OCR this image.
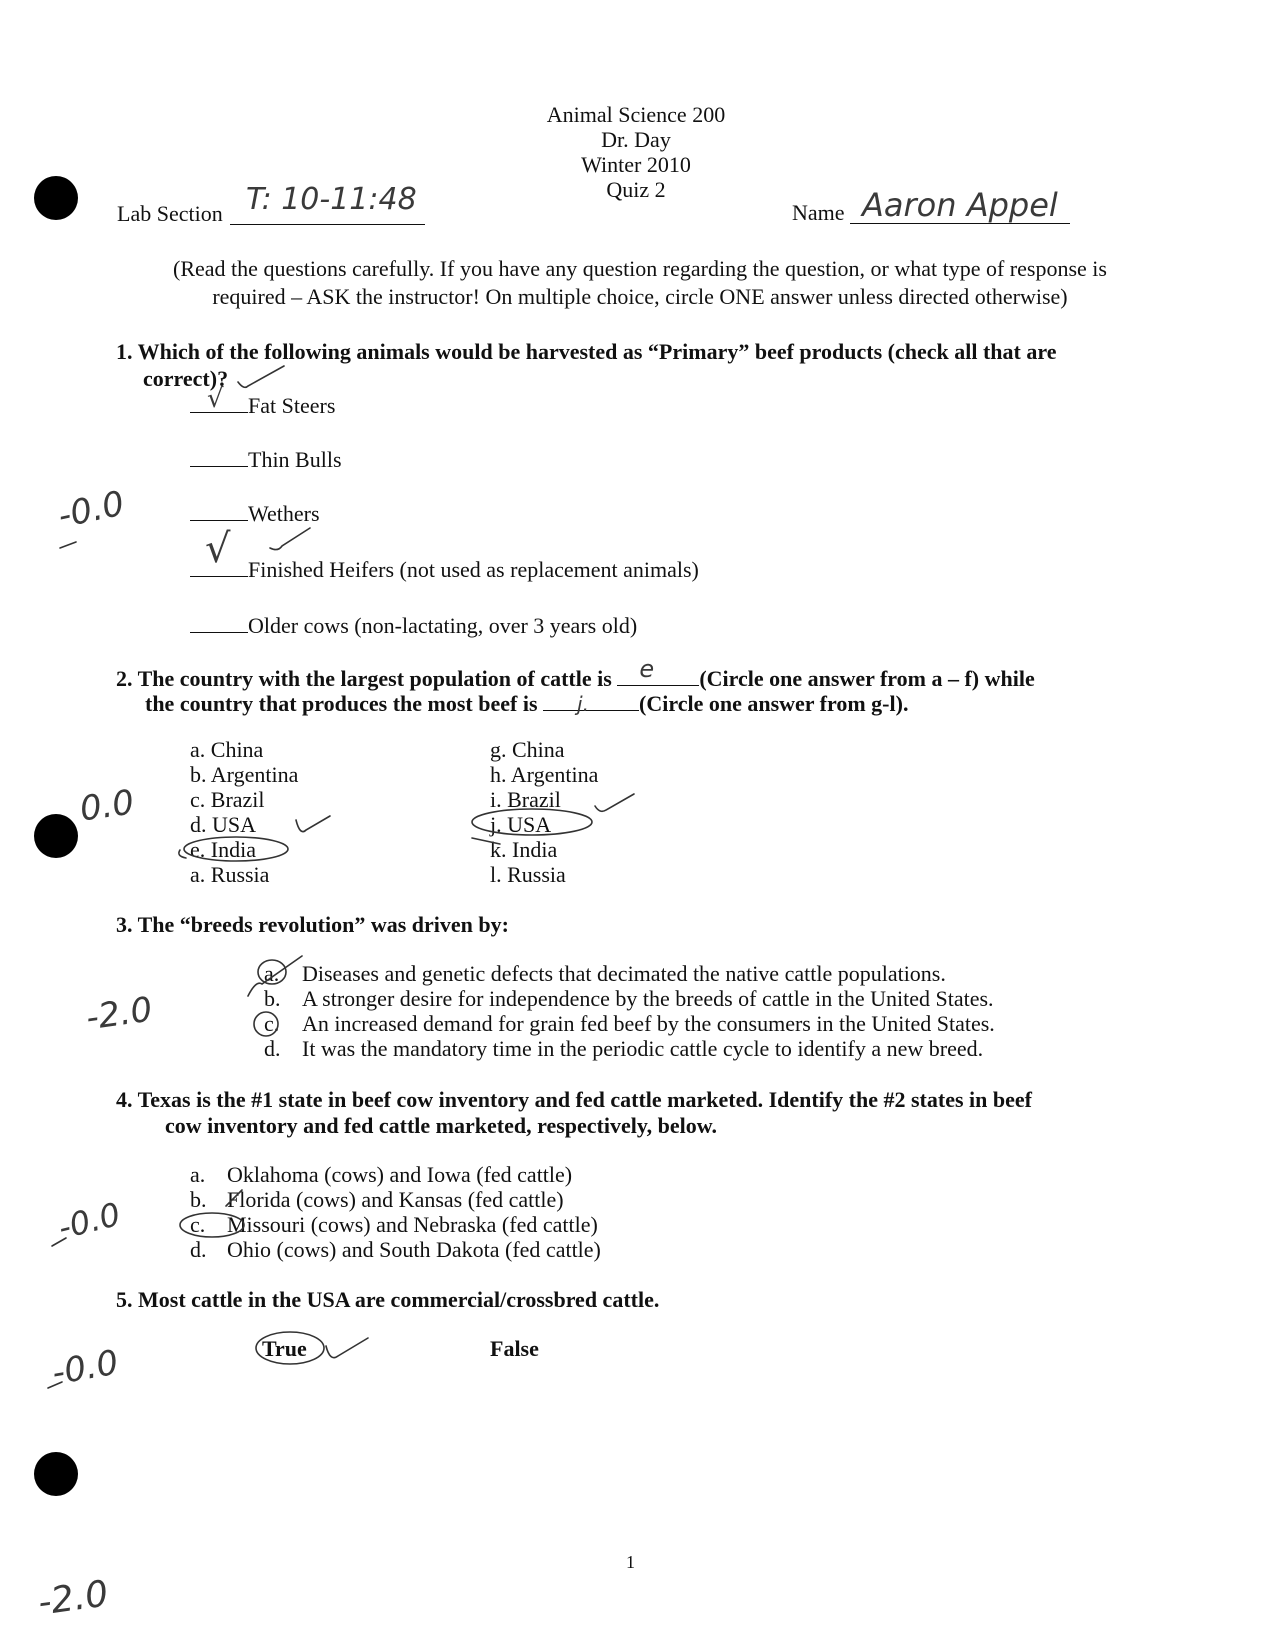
Animal Science 200
Dr. Day
Winter 2010
Quiz 2
Lab Section T: 10-11:48	Name Aaron Appel
(Read the questions carefully. If you have any question regarding the question, or what type of response is
required – ASK the instructor! On multiple choice, circle ONE answer unless directed otherwise)
1. Which of the following animals would be harvested as “Primary” beef products (check all that are
correct)?
Fat Steers
√
Thin Bulls
Wethers
Finished Heifers (not used as replacement animals)
√
Older cows (non-lactating, over 3 years old)
-0.0
2. The country with the largest population of cattle is e (Circle one answer from a – f) while
the country that produces the most beef is j. (Circle one answer from g-l).
a. China
b. Argentina
c. Brazil
d. USA
e. India
a. Russia
g. China
h. Argentina
i. Brazil
j. USA
k. India
l. Russia
0.0
3. The “breeds revolution” was driven by:
a. Diseases and genetic defects that decimated the native cattle populations.
b. A stronger desire for independence by the breeds of cattle in the United States.
c. An increased demand for grain fed beef by the consumers in the United States.
d. It was the mandatory time in the periodic cattle cycle to identify a new breed.
-2.0
4. Texas is the #1 state in beef cow inventory and fed cattle marketed. Identify the #2 states in beef
cow inventory and fed cattle marketed, respectively, below.
a. Oklahoma (cows) and Iowa (fed cattle)
b. Florida (cows) and Kansas (fed cattle)
c. Missouri (cows) and Nebraska (fed cattle)
d. Ohio (cows) and South Dakota (fed cattle)
-0.0
5. Most cattle in the USA are commercial/crossbred cattle.
True	False
-0.0
1
-2.0
